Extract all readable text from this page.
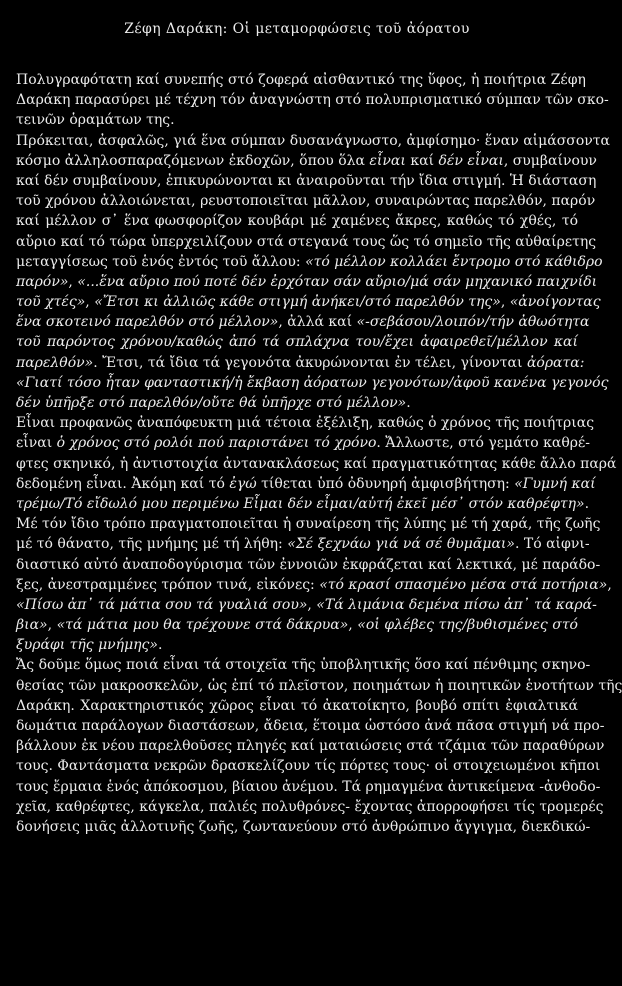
Ζέφη Δαράκη: Οἱ μεταμορφώσεις τοῦ ἀόρατου
Πολυγραφότατη καί συνεπής στό ζοφερά αἰσθαντικό της ὕφος, ἡ ποιήτρια Ζέφη
Δαράκη παρασύρει μέ τέχνη τόν ἀναγνώστη στό πολυπρισματικό σύμπαν τῶν σκο-
τεινῶν ὁραμάτων της.
Πρόκειται, ἀσφαλῶς, γιά ἕνα σύμπαν δυσανάγνωστο, ἀμφίσημο· ἕναν αἱμάσσοντα
κόσμο ἀλληλοσπαραζόμενων ἐκδοχῶν, ὅπου ὅλα εἶναι καί δέν εἶναι, συμβαίνουν
καί δέν συμβαίνουν, ἐπικυρώνονται κι ἀναιροῦνται τήν ἴδια στιγμή. Ἡ διάσταση
τοῦ χρόνου ἀλλοιώνεται, ρευστοποιεῖται μᾶλλον, συναιρώντας παρελθόν, παρόν
καί μέλλον σ᾽ ἕνα φωσφορίζον κουβάρι μέ χαμένες ἄκρες, καθώς τό χθές, τό
αὔριο καί τό τώρα ὑπερχειλίζουν στά στεγανά τους ὥς τό σημεῖο τῆς αὐθαίρετης
μεταγγίσεως τοῦ ἑνός ἐντός τοῦ ἄλλου: «τό μέλλον κολλάει ἔντρομο στό κάθιδρο
παρόν», «...ἕνα αὔριο πού ποτέ δέν ἐρχόταν σάν αὔριο/μά σάν μηχανικό παιχνίδι
τοῦ χτές», «Ἔτσι κι ἀλλιῶς κάθε στιγμή ἀνήκει/στό παρελθόν της», «ἀνοίγοντας
ἕνα σκοτεινό παρελθόν στό μέλλον», ἀλλά καί «-σεβάσου/λοιπόν/τήν ἀθωότητα
τοῦ παρόντος χρόνου/καθώς ἀπό τά σπλάχνα του/ἔχει ἀφαιρεθεῖ/μέλλον καί
παρελθόν». Ἔτσι, τά ἴδια τά γεγονότα ἀκυρώνονται ἐν τέλει, γίνονται ἀόρατα:
«Γιατί τόσο ἦταν φανταστική/ἡ ἔκβαση ἀόρατων γεγονότων/ἀφοῦ κανένα γεγονός
δέν ὑπῆρξε στό παρελθόν/οὔτε θά ὑπῆρχε στό μέλλον».
Εἶναι προφανῶς ἀναπόφευκτη μιά τέτοια ἐξέλιξη, καθώς ὁ χρόνος τῆς ποιήτριας
εἶναι ὁ χρόνος στό ρολόι πού παριστάνει τό χρόνο. Ἄλλωστε, στό γεμάτο καθρέ-
φτες σκηνικό, ἡ ἀντιστοιχία ἀντανακλάσεως καί πραγματικότητας κάθε ἄλλο παρά
δεδομένη εἶναι. Ἀκόμη καί τό ἐγώ τίθεται ὑπό ὀδυνηρή ἀμφισβήτηση: «Γυμνή καί
τρέμω/Τό εἴδωλό μου περιμένω Εἶμαι δέν εἶμαι/αὐτή ἐκεῖ μέσ᾽ στόν καθρέφτη».
Μέ τόν ἴδιο τρόπο πραγματοποιεῖται ἡ συναίρεση τῆς λύπης μέ τή χαρά, τῆς ζωῆς
μέ τό θάνατο, τῆς μνήμης μέ τή λήθη: «Σέ ξεχνάω γιά νά σέ θυμᾶμαι». Τό αἰφνι-
διαστικό αὐτό ἀναποδογύρισμα τῶν ἐννοιῶν ἐκφράζεται καί λεκτικά, μέ παράδο-
ξες, ἀνεστραμμένες τρόπον τινά, εἰκόνες: «τό κρασί σπασμένο μέσα στά ποτήρια»,
«Πίσω ἀπ᾽ τά μάτια σου τά γυαλιά σου», «Τά λιμάνια δεμένα πίσω ἀπ᾽ τά καρά-
βια», «τά μάτια μου θα τρέχουνε στά δάκρυα», «οἱ φλέβες της/βυθισμένες στό
ξυράφι τῆς μνήμης».
Ἄς δοῦμε ὅμως ποιά εἶναι τά στοιχεῖα τῆς ὑποβλητικῆς ὅσο καί πένθιμης σκηνο-
θεσίας τῶν μακροσκελῶν, ὡς ἐπί τό πλεῖστον, ποιημάτων ἡ ποιητικῶν ἑνοτήτων τῆς
Δαράκη. Χαρακτηριστικός χῶρος εἶναι τό ἀκατοίκητο, βουβό σπίτι ἐφιαλτικά
δωμάτια παράλογων διαστάσεων, ἄδεια, ἕτοιμα ὡστόσο ἀνά πᾶσα στιγμή νά προ-
βάλλουν ἐκ νέου παρελθοῦσες πληγές καί ματαιώσεις στά τζάμια τῶν παραθύρων
τους. Φαντάσματα νεκρῶν δρασκελίζουν τίς πόρτες τους· οἱ στοιχειωμένοι κῆποι
τους ἔρμαια ἑνός ἀπόκοσμου, βίαιου ἀνέμου. Τά ρημαγμένα ἀντικείμενα -ἀνθοδο-
χεῖα, καθρέφτες, κάγκελα, παλιές πολυθρόνες- ἔχοντας ἀπορροφήσει τίς τρομερές
δονήσεις μιᾶς ἀλλοτινῆς ζωῆς, ζωντανεύουν στό ἀνθρώπινο ἄγγιγμα, διεκδικώ-
